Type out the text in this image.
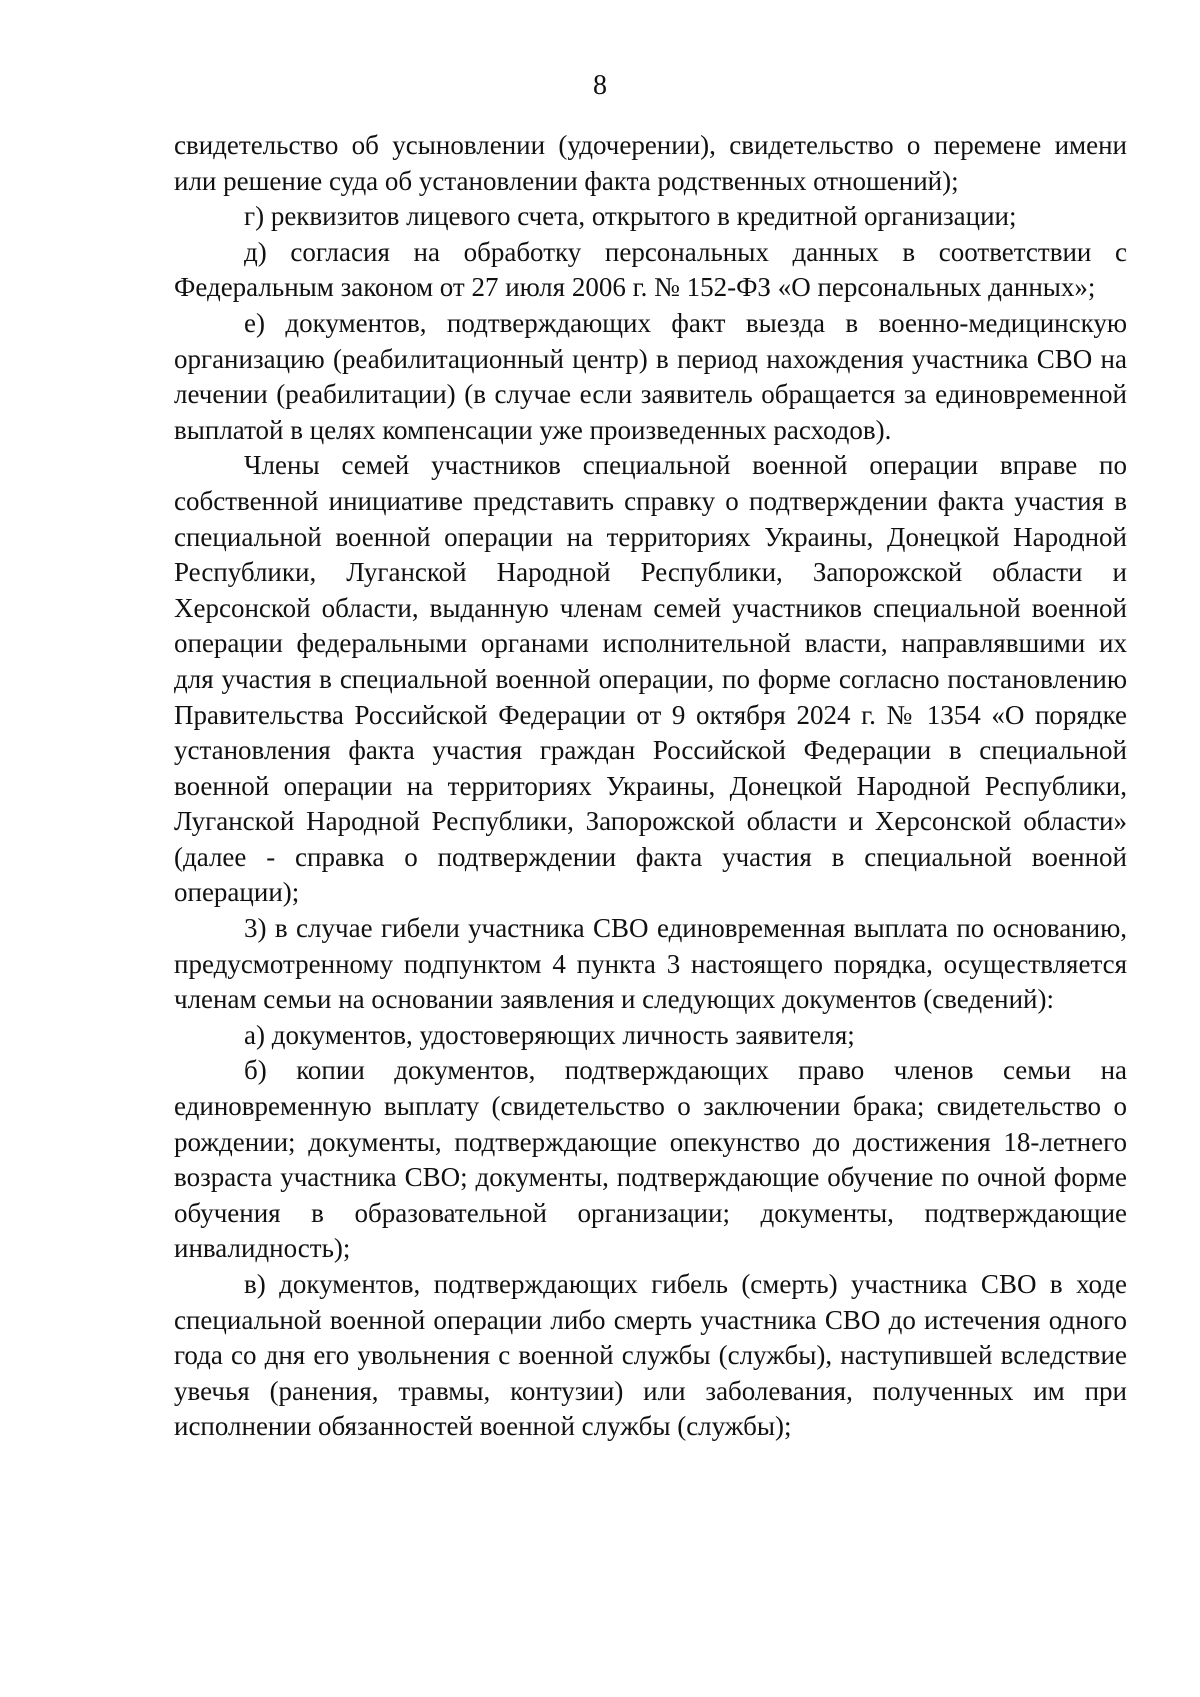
8

свидетельство об усыновлении (удочерении), свидетельство о перемене имени или решение суда об установлении факта родственных отношений);

г) реквизитов лицевого счета, открытого в кредитной организации;

д) согласия на обработку персональных данных в соответствии с Федеральным законом от 27 июля 2006 г. № 152-ФЗ «О персональных данных»;

е) документов, подтверждающих факт выезда в военно-медицинскую организацию (реабилитационный центр) в период нахождения участника СВО на лечении (реабилитации) (в случае если заявитель обращается за единовременной выплатой в целях компенсации уже произведенных расходов).

Члены семей участников специальной военной операции вправе по собственной инициативе представить справку о подтверждении факта участия в специальной военной операции на территориях Украины, Донецкой Народной Республики, Луганской Народной Республики, Запорожской области и Херсонской области, выданную членам семей участников специальной военной операции федеральными органами исполнительной власти, направлявшими их для участия в специальной военной операции, по форме согласно постановлению Правительства Российской Федерации от 9 октября 2024 г. № 1354 «О порядке установления факта участия граждан Российской Федерации в специальной военной операции на территориях Украины, Донецкой Народной Республики, Луганской Народной Республики, Запорожской области и Херсонской области» (далее - справка о подтверждении факта участия в специальной военной операции);

3) в случае гибели участника СВО единовременная выплата по основанию, предусмотренному подпунктом 4 пункта 3 настоящего порядка, осуществляется членам семьи на основании заявления и следующих документов (сведений):

а) документов, удостоверяющих личность заявителя;

б) копии документов, подтверждающих право членов семьи на единовременную выплату (свидетельство о заключении брака; свидетельство о рождении; документы, подтверждающие опекунство до достижения 18-летнего возраста участника СВО; документы, подтверждающие обучение по очной форме обучения в образовательной организации; документы, подтверждающие инвалидность);

в) документов, подтверждающих гибель (смерть) участника СВО в ходе специальной военной операции либо смерть участника СВО до истечения одного года со дня его увольнения с военной службы (службы), наступившей вследствие увечья (ранения, травмы, контузии) или заболевания, полученных им при исполнении обязанностей военной службы (службы);
